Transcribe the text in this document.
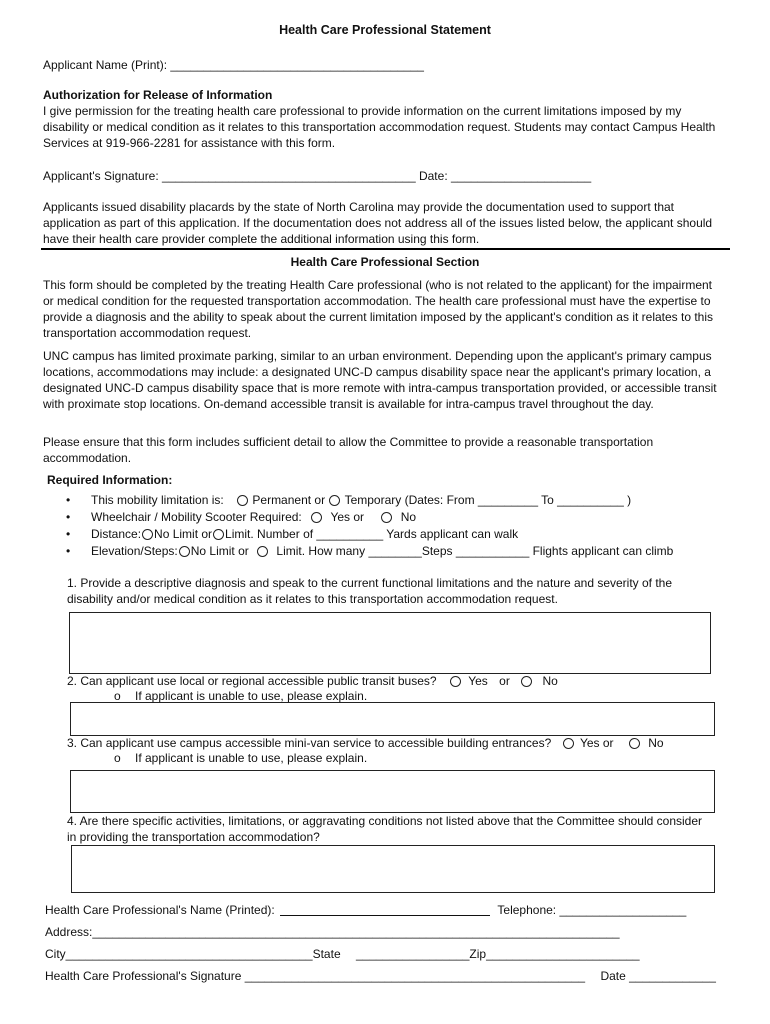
Health Care Professional Statement
Applicant Name (Print): ______________________________________
Authorization for Release of Information
I give permission for the treating health care professional to provide information on the current limitations imposed by my disability or medical condition as it relates to this transportation accommodation request. Students may contact Campus Health Services at 919-966-2281 for assistance with this form.
Applicant's Signature: ______________________________________ Date: _____________________
Applicants issued disability placards by the state of North Carolina may provide the documentation used to support that application as part of this application. If the documentation does not address all of the issues listed below, the applicant should have their health care provider complete the additional information using this form.
Health Care Professional Section
This form should be completed by the treating Health Care professional (who is not related to the applicant) for the impairment or medical condition for the requested transportation accommodation. The health care professional must have the expertise to provide a diagnosis and the ability to speak about the current limitation imposed by the applicant's condition as it relates to this transportation accommodation request.
UNC campus has limited proximate parking, similar to an urban environment. Depending upon the applicant's primary campus locations, accommodations may include: a designated UNC-D campus disability space near the applicant's primary location, a designated UNC-D campus disability space that is more remote with intra-campus transportation provided, or accessible transit with proximate stop locations. On-demand accessible transit is available for intra-campus travel throughout the day.
Please ensure that this form includes sufficient detail to allow the Committee to provide a reasonable transportation accommodation.
Required Information:
• This mobility limitation is: Permanent or Temporary (Dates: From _________ To __________ )
• Wheelchair / Mobility Scooter Required: Yes or	No
• Distance: No Limit or Limit. Number of __________ Yards applicant can walk
• Elevation/Steps: No Limit or Limit. How many ________Steps ___________ Flights applicant can climb
1. Provide a descriptive diagnosis and speak to the current functional limitations and the nature and severity of the disability and/or medical condition as it relates to this transportation accommodation request.
2. Can applicant use local or regional accessible public transit buses?	Yes or	No
o If applicant is unable to use, please explain.
3. Can applicant use campus accessible mini-van service to accessible building entrances? Yes or	No
o If applicant is unable to use, please explain.
4. Are there specific activities, limitations, or aggravating conditions not listed above that the Committee should consider in providing the transportation accommodation?
Health Care Professional's Name (Printed):	Telephone: ___________________
Address:_______________________________________________________________________________
City_____________________________________State _________________Zip_______________________
Health Care Professional's Signature ___________________________________________________ Date _____________
